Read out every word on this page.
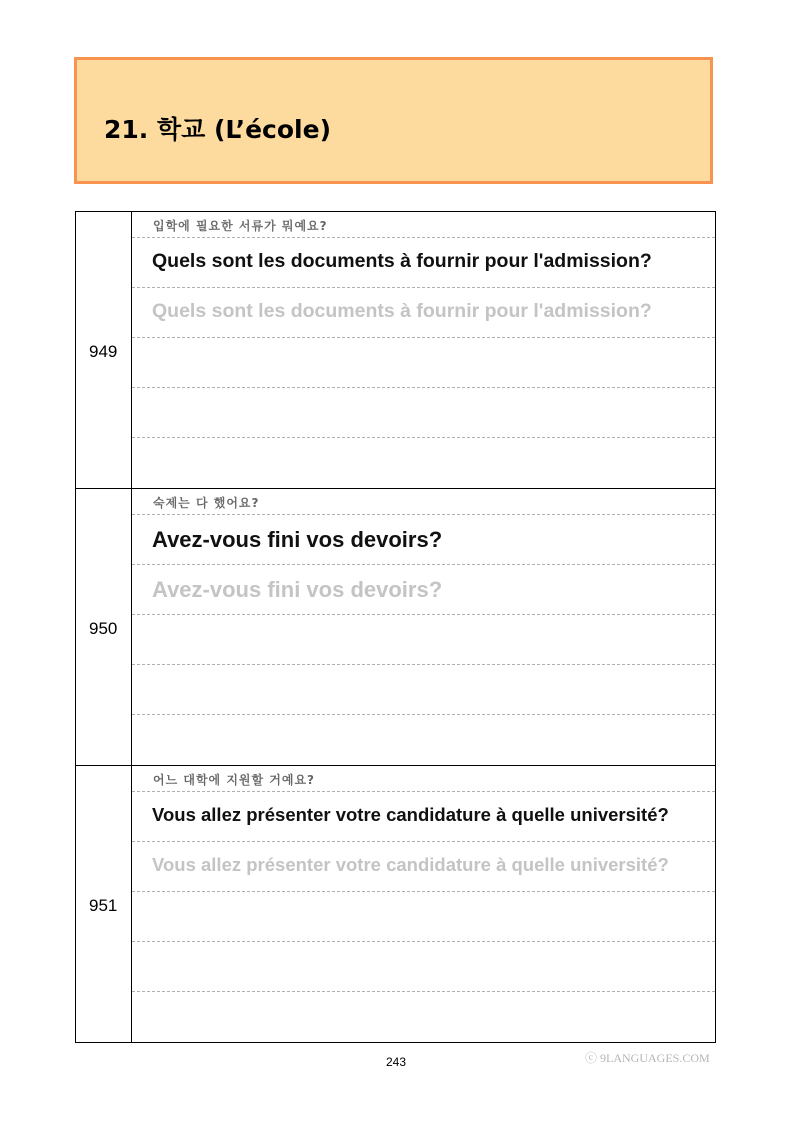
21. 학교 (L’école)
949
입학에 필요한 서류가 뭐예요?
Quels sont les documents à fournir pour l'admission?
Quels sont les documents à fournir pour l'admission?
950
숙제는 다 했어요?
Avez-vous fini vos devoirs?
Avez-vous fini vos devoirs?
951
어느 대학에 지원할 거예요?
Vous allez présenter votre candidature à quelle université?
Vous allez présenter votre candidature à quelle université?
243	ⓒ 9LANGUAGES.COM
